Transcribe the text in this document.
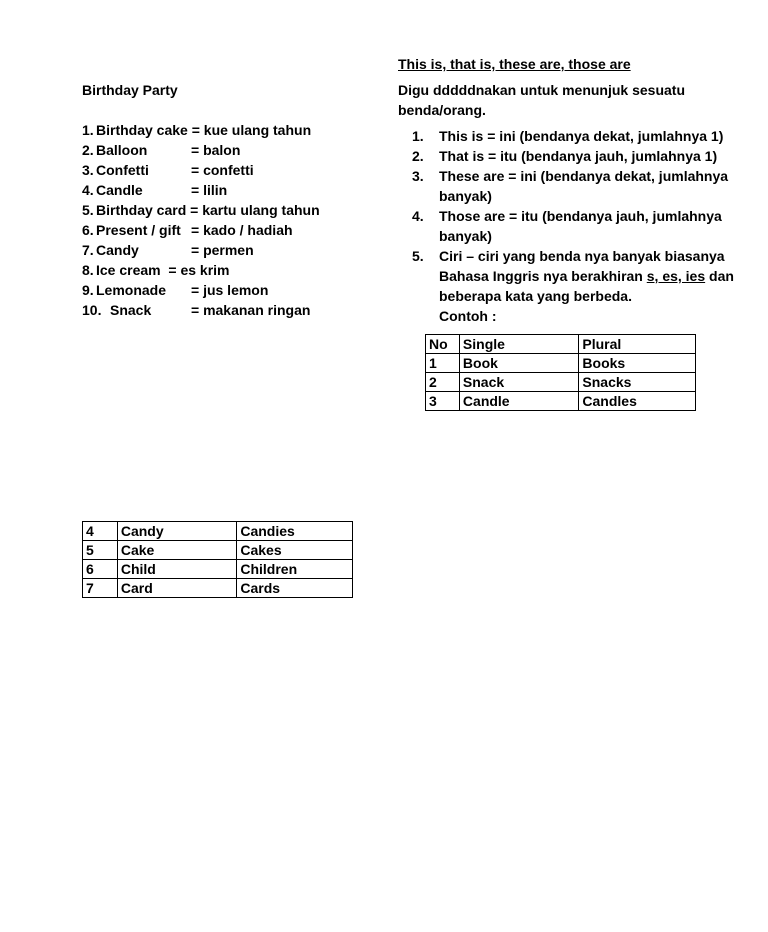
Birthday Party
1. Birthday cake = kue ulang tahun
2. Balloon	= balon
3. Confetti	= confetti
4. Candle	= lilin
5. Birthday card = kartu ulang tahun
6. Present / gift = kado / hadiah
7. Candy	= permen
8. Ice cream = es krim
9. Lemonade = jus lemon
10. Snack	= makanan ringan
4	Candy	Candies
5	Cake	Cakes
6	Child	Children
7	Card	Cards
This is, that is, these are, those are
Digu dddddnakan untuk menunjuk sesuatu
benda/orang.
1. This is = ini (bendanya dekat, jumlahnya 1)
2. That is = itu (bendanya jauh, jumlahnya 1)
3. These are = ini (bendanya dekat, jumlahnya
banyak)
4. Those are = itu (bendanya jauh, jumlahnya
banyak)
5. Ciri – ciri yang benda nya banyak biasanya
Bahasa Inggris nya berakhiran s, es, ies dan
beberapa kata yang berbeda.
Contoh :
No	Single	Plural
1	Book	Books
2	Snack	Snacks
3	Candle	Candles
